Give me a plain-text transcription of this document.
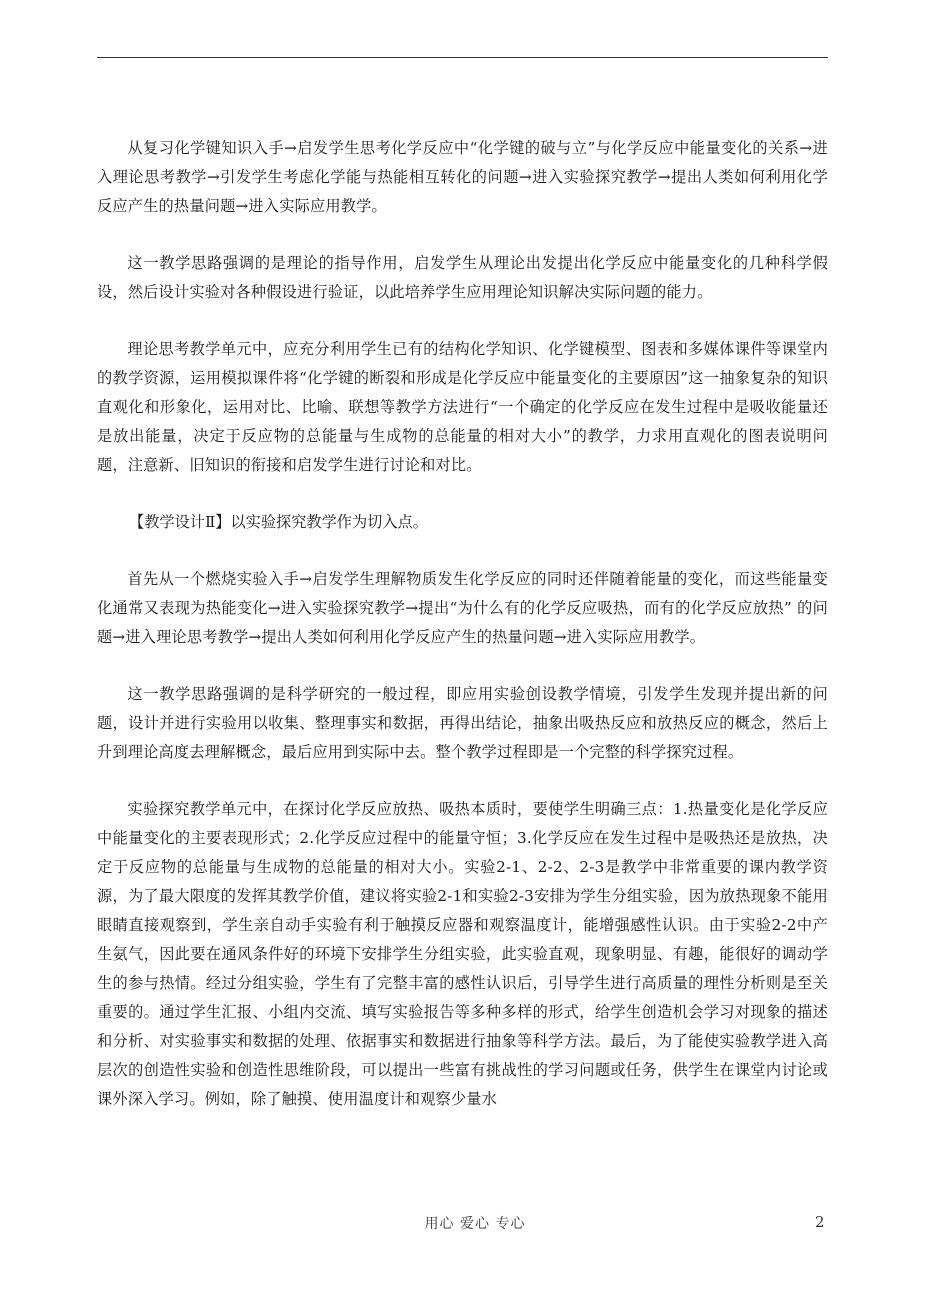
从复习化学键知识入手→启发学生思考化学反应中“化学键的破与立”与化学反应中能量变化的关系→进入理论思考教学→引发学生考虑化学能与热能相互转化的问题→进入实验探究教学→提出人类如何利用化学反应产生的热量问题→进入实际应用教学。

这一教学思路强调的是理论的指导作用，启发学生从理论出发提出化学反应中能量变化的几种科学假设，然后设计实验对各种假设进行验证，以此培养学生应用理论知识解决实际问题的能力。

理论思考教学单元中，应充分利用学生已有的结构化学知识、化学键模型、图表和多媒体课件等课堂内的教学资源，运用模拟课件将“化学键的断裂和形成是化学反应中能量变化的主要原因”这一抽象复杂的知识直观化和形象化，运用对比、比喻、联想等教学方法进行“一个确定的化学反应在发生过程中是吸收能量还是放出能量，决定于反应物的总能量与生成物的总能量的相对大小”的教学，力求用直观化的图表说明问题，注意新、旧知识的衔接和启发学生进行讨论和对比。

【教学设计Ⅱ】以实验探究教学作为切入点。

首先从一个燃烧实验入手→启发学生理解物质发生化学反应的同时还伴随着能量的变化，而这些能量变化通常又表现为热能变化→进入实验探究教学→提出“为什么有的化学反应吸热，而有的化学反应放热” 的问题→进入理论思考教学→提出人类如何利用化学反应产生的热量问题→进入实际应用教学。

这一教学思路强调的是科学研究的一般过程，即应用实验创设教学情境，引发学生发现并提出新的问题，设计并进行实验用以收集、整理事实和数据，再得出结论，抽象出吸热反应和放热反应的概念，然后上升到理论高度去理解概念，最后应用到实际中去。整个教学过程即是一个完整的科学探究过程。

实验探究教学单元中，在探讨化学反应放热、吸热本质时，要使学生明确三点：1.热量变化是化学反应中能量变化的主要表现形式；2.化学反应过程中的能量守恒；3.化学反应在发生过程中是吸热还是放热，决定于反应物的总能量与生成物的总能量的相对大小。实验2-1、2-2、2-3是教学中非常重要的课内教学资源，为了最大限度的发挥其教学价值，建议将实验2-1和实验2-3安排为学生分组实验，因为放热现象不能用眼睛直接观察到，学生亲自动手实验有利于触摸反应器和观察温度计，能增强感性认识。由于实验2-2中产生氨气，因此要在通风条件好的环境下安排学生分组实验，此实验直观，现象明显、有趣，能很好的调动学生的参与热情。经过分组实验，学生有了完整丰富的感性认识后，引导学生进行高质量的理性分析则是至关重要的。通过学生汇报、小组内交流、填写实验报告等多种多样的形式，给学生创造机会学习对现象的描述和分析、对实验事实和数据的处理、依据事实和数据进行抽象等科学方法。最后，为了能使实验教学进入高层次的创造性实验和创造性思维阶段，可以提出一些富有挑战性的学习问题或任务，供学生在课堂内讨论或课外深入学习。例如，除了触摸、使用温度计和观察少量水

用心 爱心 专心	2
